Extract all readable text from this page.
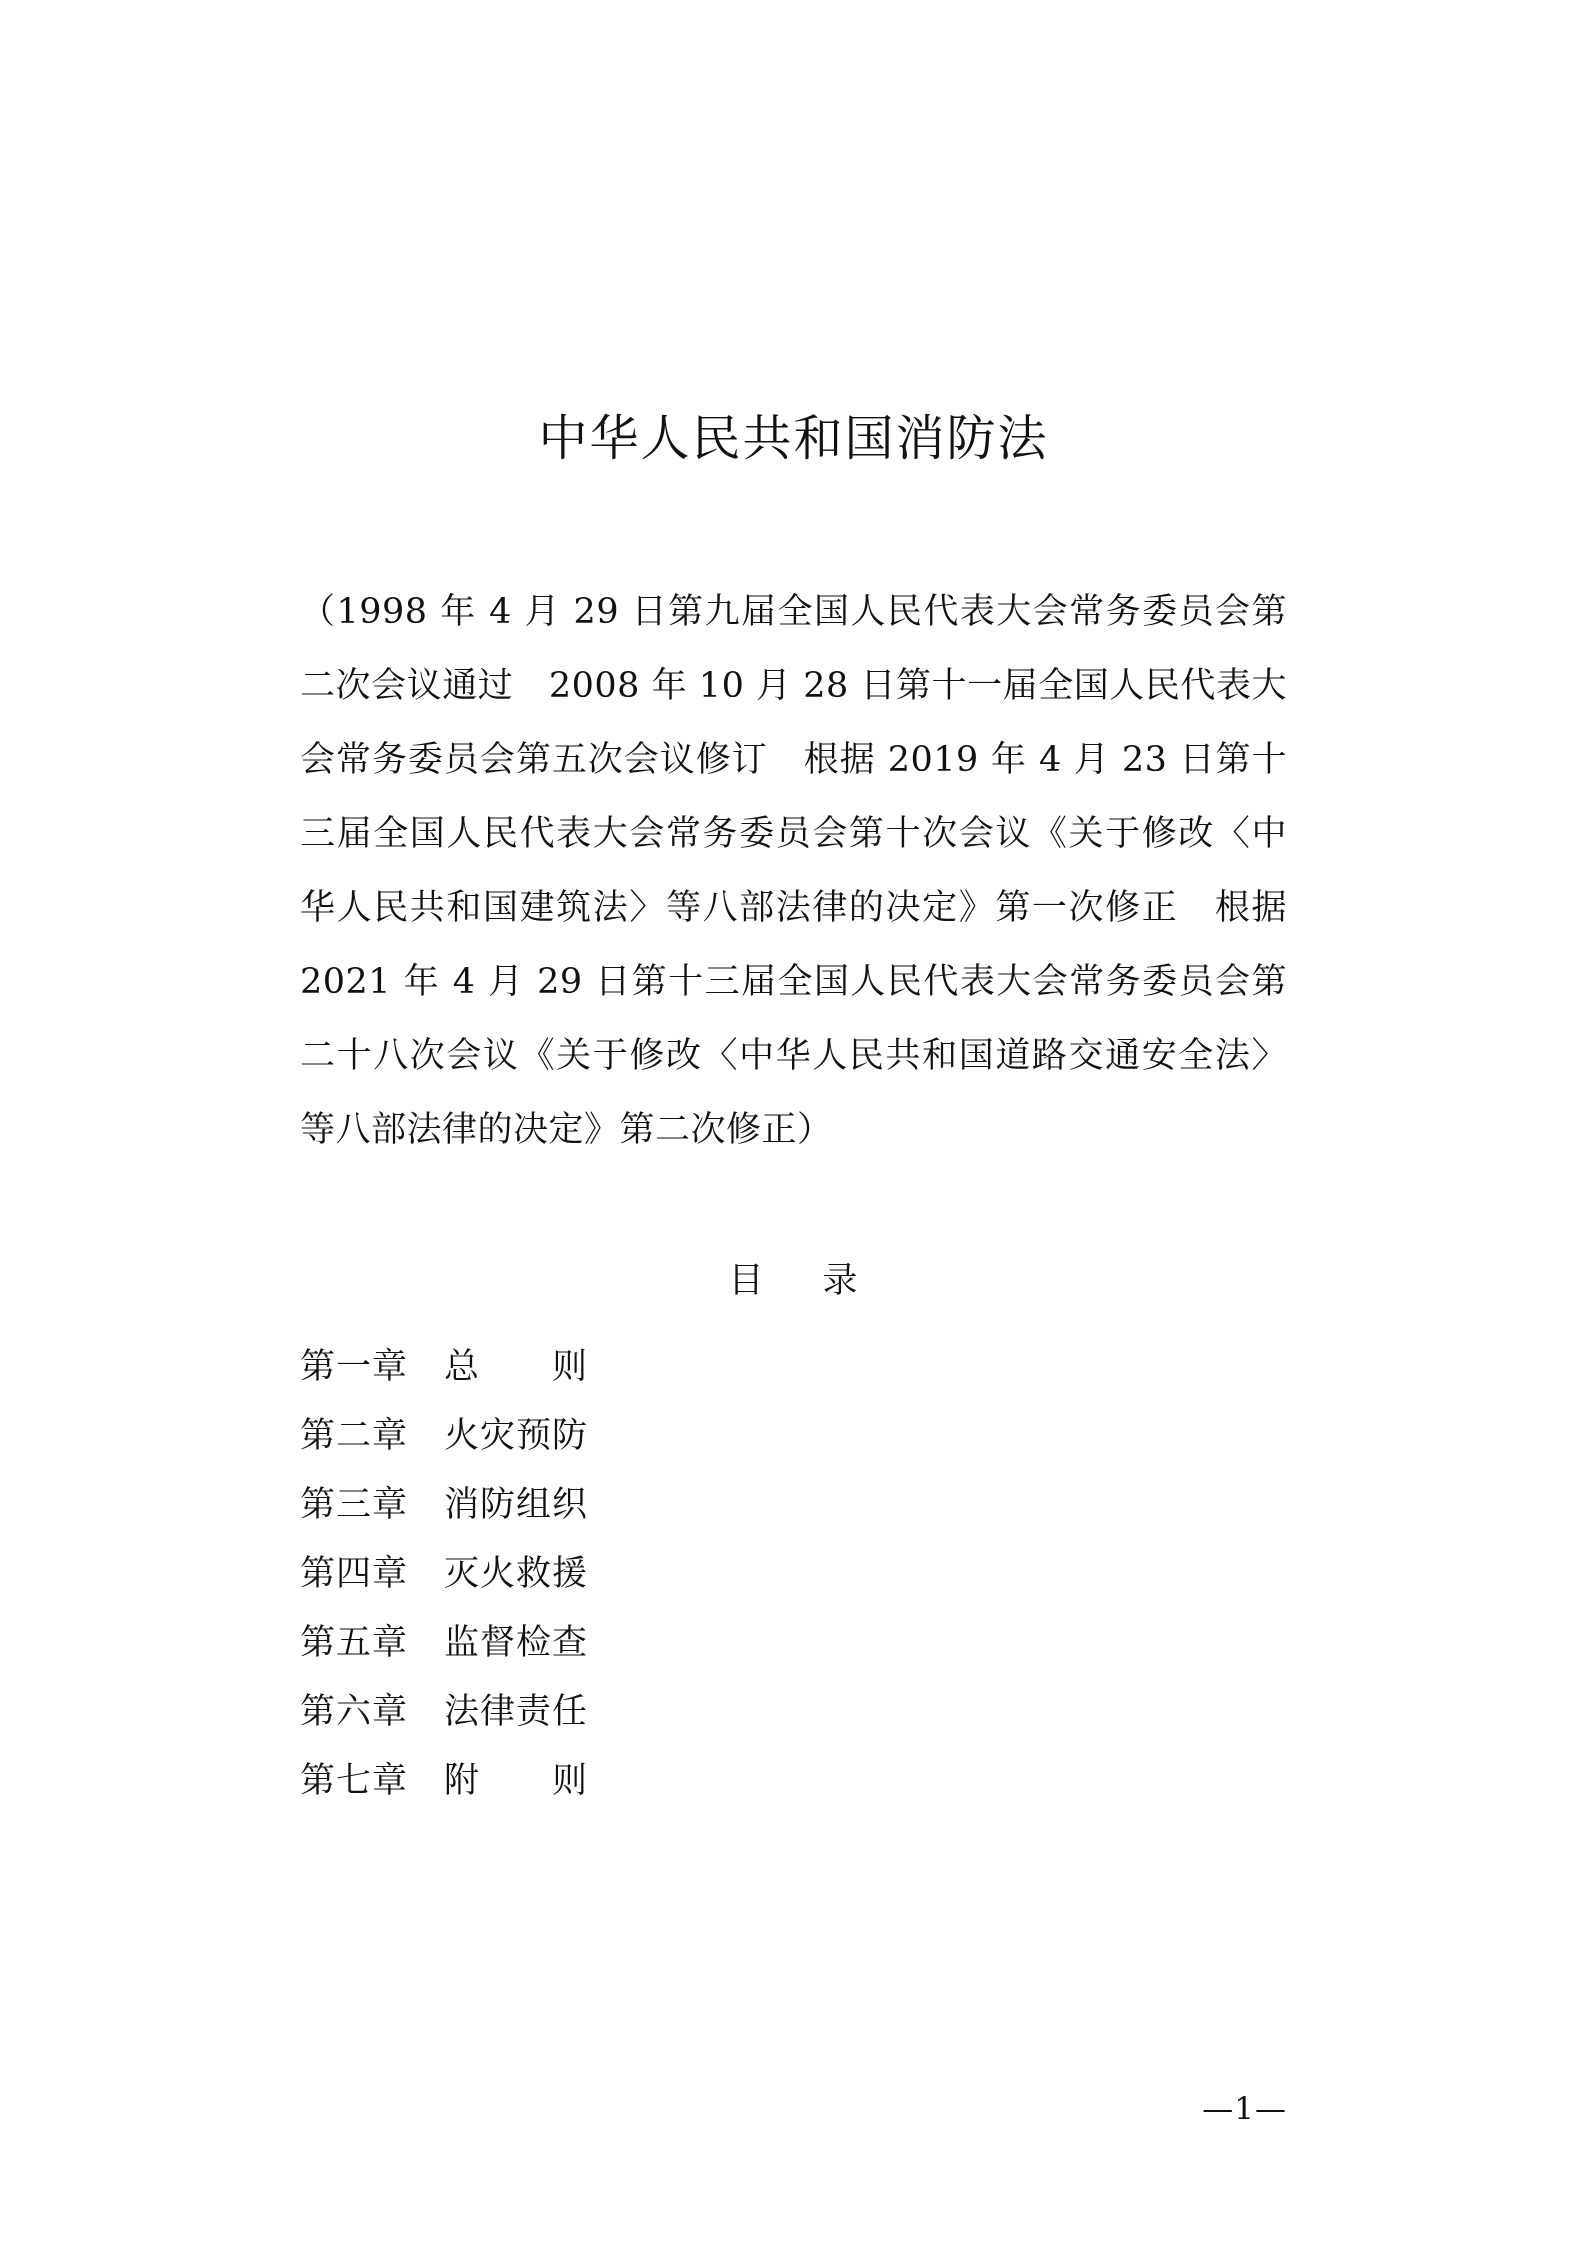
中华人民共和国消防法

（1998 年 4 月 29 日第九届全国人民代表大会常务委员会第二次会议通过　2008 年 10 月 28 日第十一届全国人民代表大会常务委员会第五次会议修订　根据 2019 年 4 月 23 日第十三届全国人民代表大会常务委员会第十次会议《关于修改〈中华人民共和国建筑法〉等八部法律的决定》第一次修正　根据 2021 年 4 月 29 日第十三届全国人民代表大会常务委员会第二十八次会议《关于修改〈中华人民共和国道路交通安全法〉等八部法律的决定》第二次修正）

目 录
第一章　总　　则
第二章　火灾预防
第三章　消防组织
第四章　灭火救援
第五章　监督检查
第六章　法律责任
第七章　附　　则
—1—
